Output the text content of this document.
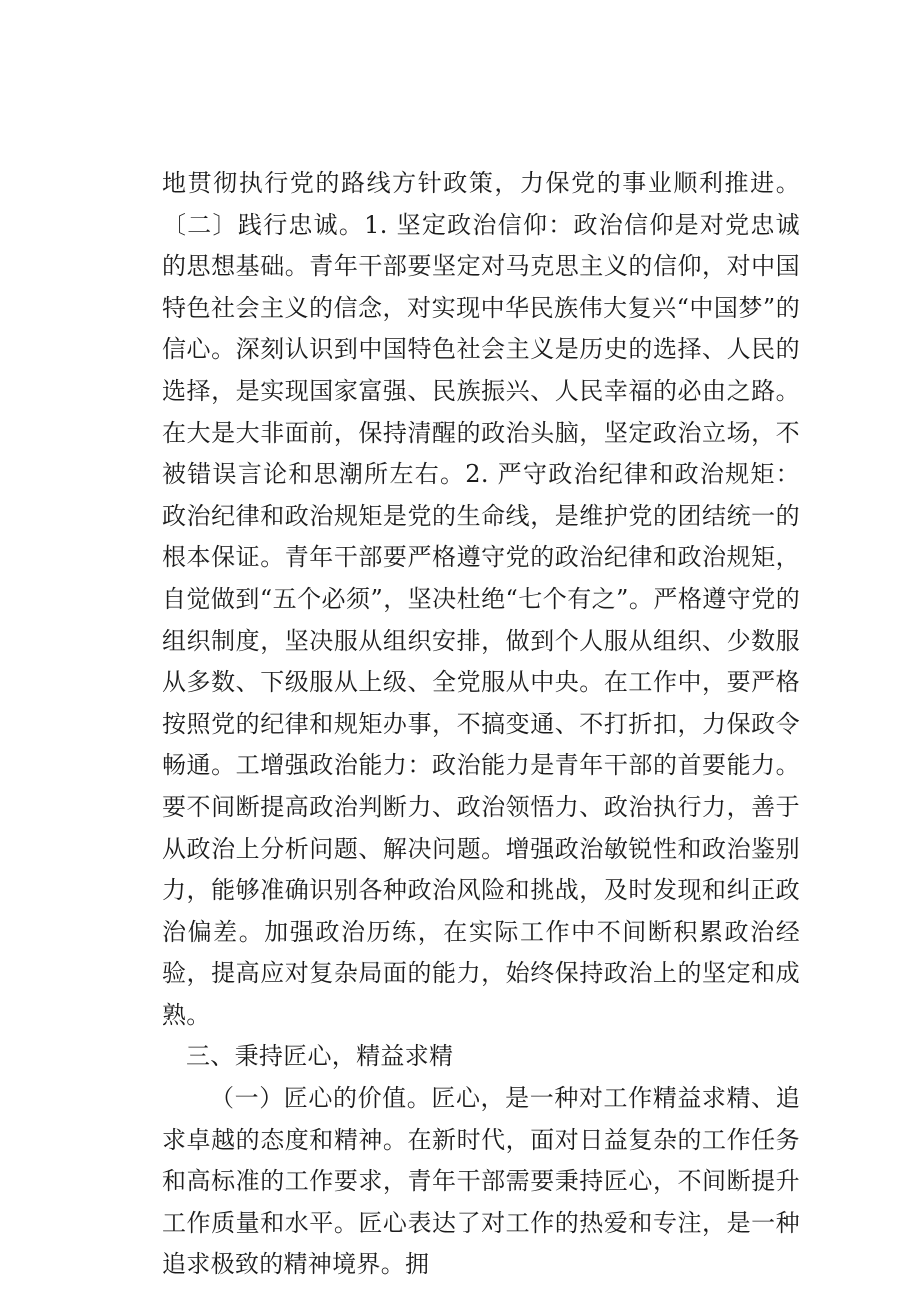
地贯彻执行党的路线方针政策，力保党的事业顺利推进。〔二〕践行忠诚。1. 坚定政治信仰：政治信仰是对党忠诚的思想基础。青年干部要坚定对马克思主义的信仰，对中国特色社会主义的信念，对实现中华民族伟大复兴“中国梦”的信心。深刻认识到中国特色社会主义是历史的选择、人民的选择，是实现国家富强、民族振兴、人民幸福的必由之路。在大是大非面前，保持清醒的政治头脑，坚定政治立场，不被错误言论和思潮所左右。2. 严守政治纪律和政治规矩：政治纪律和政治规矩是党的生命线，是维护党的团结统一的根本保证。青年干部要严格遵守党的政治纪律和政治规矩，自觉做到“五个必须”，坚决杜绝“七个有之”。严格遵守党的组织制度，坚决服从组织安排，做到个人服从组织、少数服从多数、下级服从上级、全党服从中央。在工作中，要严格按照党的纪律和规矩办事，不搞变通、不打折扣，力保政令畅通。工增强政治能力：政治能力是青年干部的首要能力。要不间断提高政治判断力、政治领悟力、政治执行力，善于从政治上分析问题、解决问题。增强政治敏锐性和政治鉴别力，能够准确识别各种政治风险和挑战，及时发现和纠正政治偏差。加强政治历练，在实际工作中不间断积累政治经验，提高应对复杂局面的能力，始终保持政治上的坚定和成熟。

三、秉持匠心，精益求精

（一）匠心的价值。匠心，是一种对工作精益求精、追求卓越的态度和精神。在新时代，面对日益复杂的工作任务和高标准的工作要求，青年干部需要秉持匠心，不间断提升工作质量和水平。匠心表达了对工作的热爱和专注，是一种追求极致的精神境界。拥
